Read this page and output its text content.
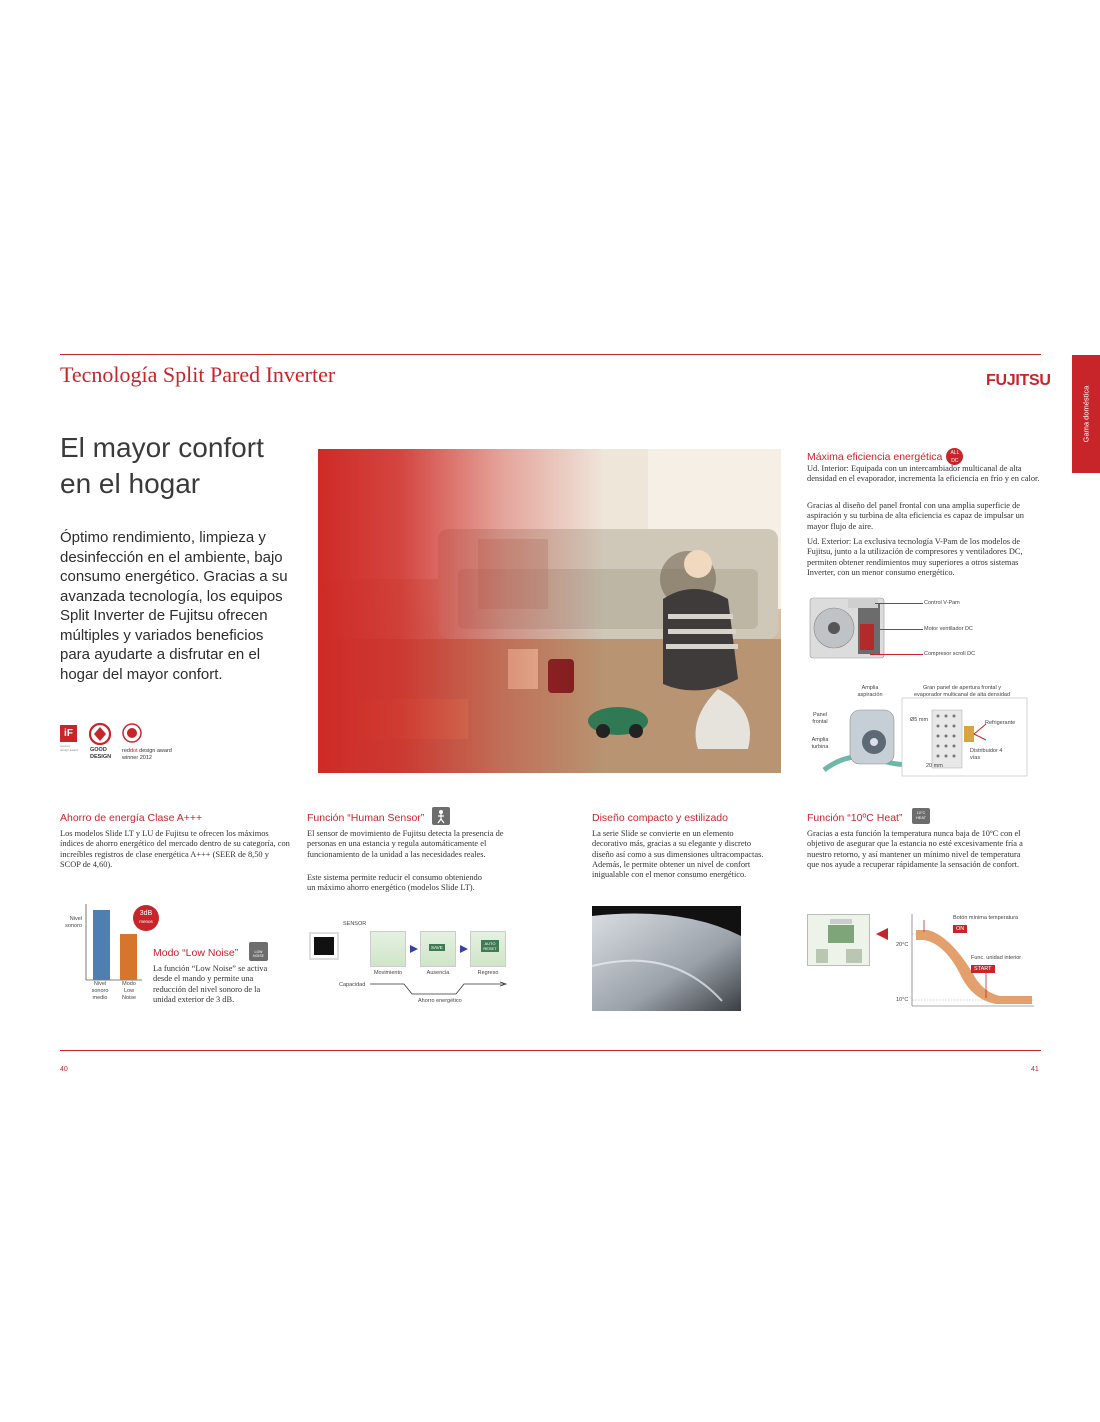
Tecnología Split Pared Inverter	FUJITSU
Gama doméstica
El mayor confort
en el hogar
Óptimo rendimiento, limpieza y desinfección en el ambiente, bajo consumo energético. Gracias a su avanzada tecnología, los equipos Split Inverter de Fujitsu ofrecen múltiples y variados beneficios para ayudarte a disfrutar en el hogar del mayor confort.
iF
product design award GOOD
DESIGN
reddot design award
winner 2012
Máxima eficiencia energética	ALL DC
Ud. Interior: Equipada con un intercambiador multicanal de alta densidad en el evaporador, incrementa la eficiencia en frío y en calor.
Gracias al diseño del panel frontal con una amplia superficie de aspiración y su turbina de alta eficiencia es capaz de impulsar un mayor flujo de aire.
Ud. Exterior: La exclusiva tecnología V-Pam de los modelos de Fujitsu, junto a la utilización de compresores y ventiladores DC, permiten obtener rendimientos muy superiores a otros sistemas Inverter, con un menor consumo energético.
Control V-Pam
Motor ventilador DC
Compresor scroll DC
Amplia aspiración
Panel frontal
Amplia turbina
Gran panel de apertura frontal y evaporador multicanal de alta densidad
Ø5 mm	Refrigerante
Distribuidor 4 vías
20 mm
Ahorro de energía Clase A+++
Los modelos Slide LT y LU de Fujitsu te ofrecen los máximos índices de ahorro energético del mercado dentro de su categoría, con increíbles registros de clase energética A+++ (SEER de 8,50 y SCOP de 4,60).
Nivel sonoro
3dB
menos
Nivel sonoro medio
Modo Low Noise
Modo “Low Noise”	LOW NOISE
La función “Low Noise” se activa desde el mando y permite una reducción del nivel sonoro de la unidad exterior de 3 dB.
Función “Human Sensor”
El sensor de movimiento de Fujitsu detecta la presencia de personas en una estancia y regula automáticamente el funcionamiento de la unidad a las necesidades reales.
Este sistema permite reducir el consumo obteniendo un máximo ahorro energético (modelos Slide LT).
SENSOR
SAVE
AUTO RESET
Movimiento	Ausencia	Regreso
Capacidad
Ahorro energético
Diseño compacto y estilizado
La serie Slide se convierte en un elemento decorativo más, gracias a su elegante y discreto diseño así como a sus dimensiones ultracompactas. Además, le permite obtener un nivel de confort inigualable con el menor consumo energético.
Función “10ºC Heat”	10°C HEAT
Gracias a esta función la temperatura nunca baja de 10ºC con el objetivo de asegurar que la estancia no esté excesivamente fría a nuestro retorno, y así mantener un mínimo nivel de temperatura que nos ayude a recuperar rápidamente la sensación de confort.
Botón mínima temperatura
ON
Func. unidad interior
START
20°C
10°C
40	41
